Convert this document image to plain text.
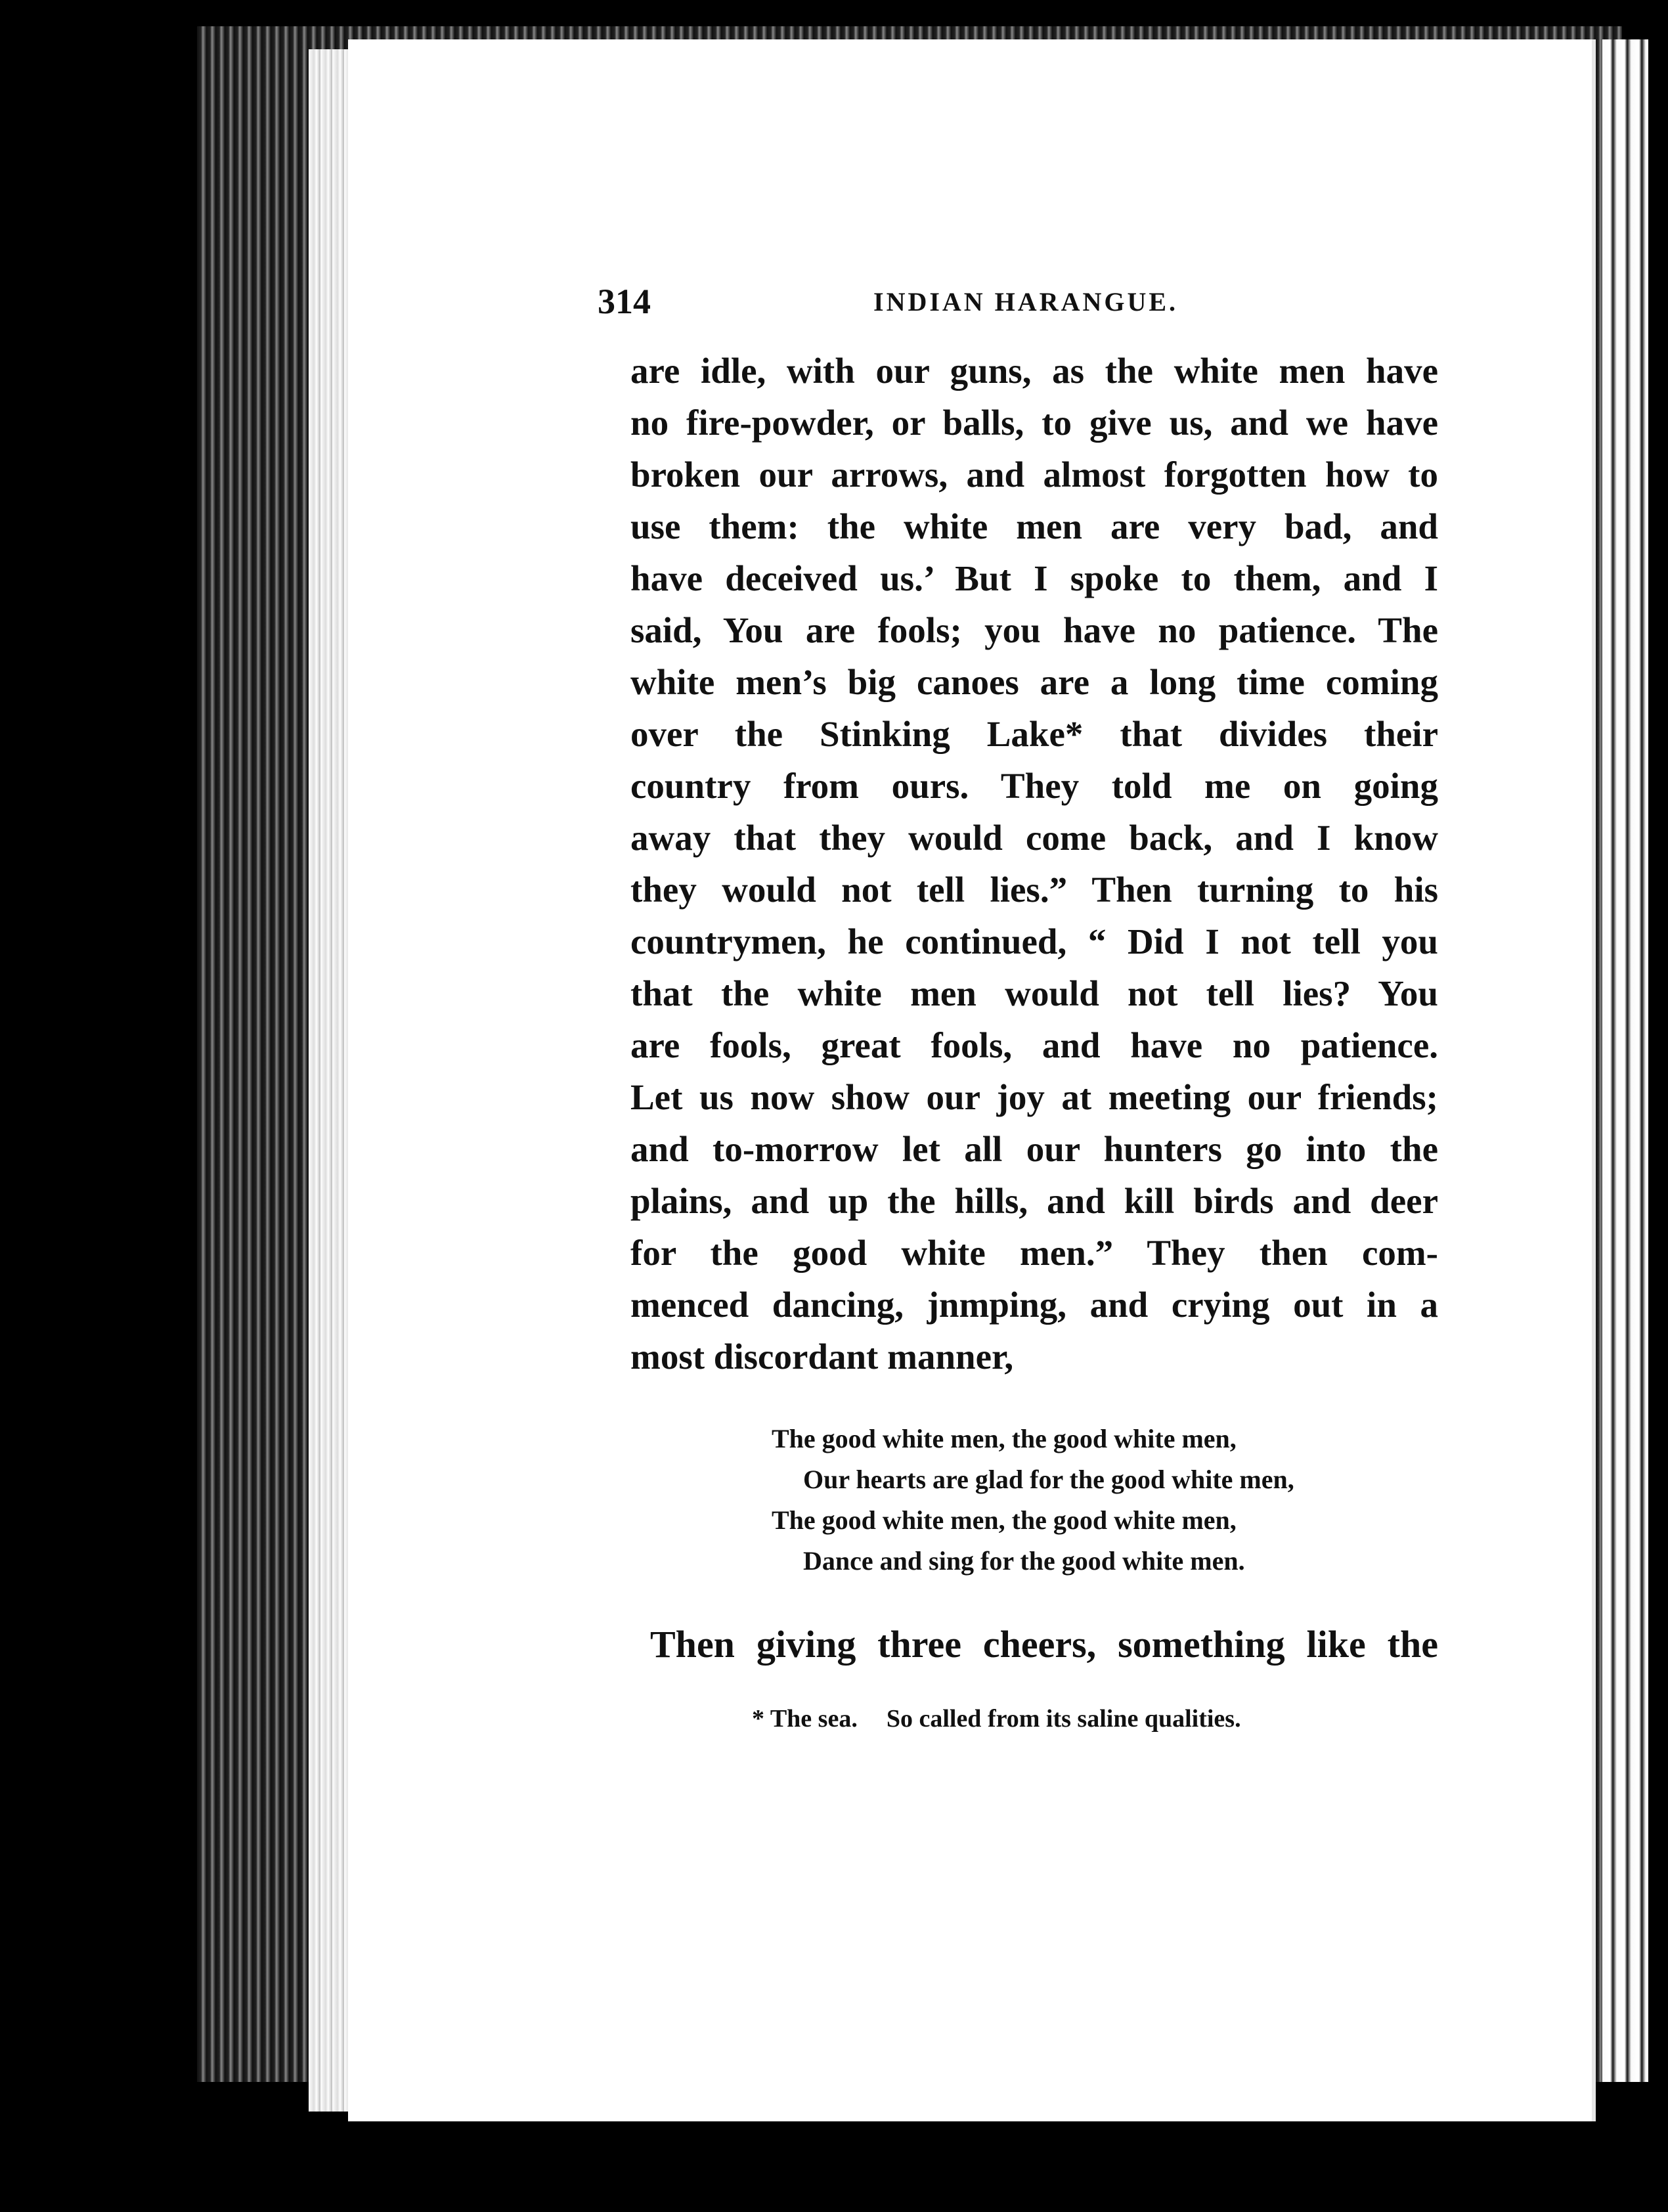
314	INDIAN HARANGUE.
are idle, with our guns, as the white men have
no fire-powder, or balls, to give us, and we have
broken our arrows, and almost forgotten how to
use them: the white men are very bad, and
have deceived us.’ But I spoke to them, and I
said, You are fools; you have no patience. The
white men’s big canoes are a long time coming
over the Stinking Lake* that divides their
country from ours. They told me on going
away that they would come back, and I know
they would not tell lies.” Then turning to his
countrymen, he continued, “ Did I not tell you
that the white men would not tell lies? You
are fools, great fools, and have no patience.
Let us now show our joy at meeting our friends;
and to-morrow let all our hunters go into the
plains, and up the hills, and kill birds and deer
for the good white men.” They then com-
menced dancing, jnmping, and crying out in a
most discordant manner,
The good white men, the good white men,
Our hearts are glad for the good white men,
The good white men, the good white men,
Dance and sing for the good white men.
Then giving three cheers, something like the
* The sea. So called from its saline qualities.
